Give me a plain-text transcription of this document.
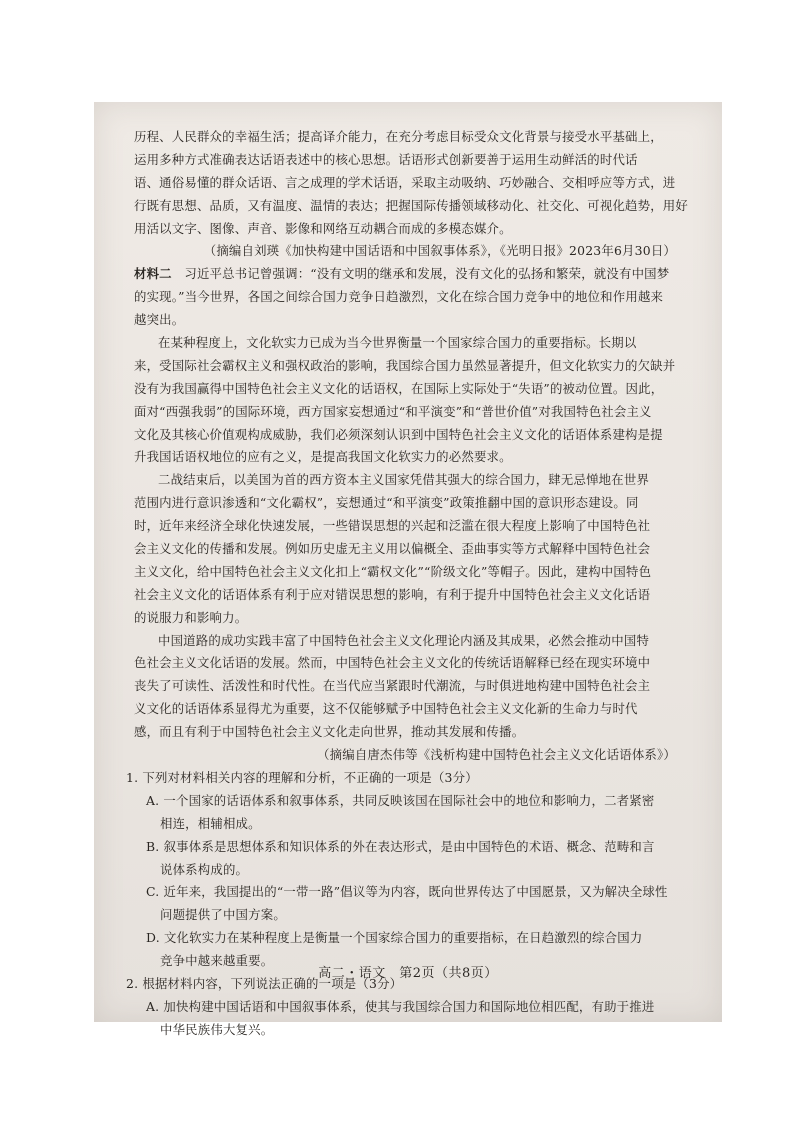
历程、人民群众的幸福生活；提高译介能力，在充分考虑目标受众文化背景与接受水平基础上，
运用多种方式准确表达话语表述中的核心思想。话语形式创新要善于运用生动鲜活的时代话
语、通俗易懂的群众话语、言之成理的学术话语，采取主动吸纳、巧妙融合、交相呼应等方式，进
行既有思想、品质，又有温度、温情的表达；把握国际传播领域移动化、社交化、可视化趋势，用好
用活以文字、图像、声音、影像和网络互动耦合而成的多模态媒介。
（摘编自刘瑛《加快构建中国话语和中国叙事体系》，《光明日报》2023年6月30日）
材料二　 习近平总书记曾强调：“没有文明的继承和发展，没有文化的弘扬和繁荣，就没有中国梦
的实现。”当今世界，各国之间综合国力竞争日趋激烈，文化在综合国力竞争中的地位和作用越来
越突出。
在某种程度上，文化软实力已成为当今世界衡量一个国家综合国力的重要指标。长期以
来，受国际社会霸权主义和强权政治的影响，我国综合国力虽然显著提升，但文化软实力的欠缺并
没有为我国赢得中国特色社会主义文化的话语权，在国际上实际处于“失语”的被动位置。因此，
面对“西强我弱”的国际环境，西方国家妄想通过“和平演变”和“普世价值”对我国特色社会主义
文化及其核心价值观构成威胁，我们必须深刻认识到中国特色社会主义文化的话语体系建构是提
升我国话语权地位的应有之义，是提高我国文化软实力的必然要求。
二战结束后，以美国为首的西方资本主义国家凭借其强大的综合国力，肆无忌惮地在世界
范围内进行意识渗透和“文化霸权”，妄想通过“和平演变”政策推翻中国的意识形态建设。同
时，近年来经济全球化快速发展，一些错误思想的兴起和泛滥在很大程度上影响了中国特色社
会主义文化的传播和发展。例如历史虚无主义用以偏概全、歪曲事实等方式解释中国特色社会
主义文化，给中国特色社会主义文化扣上“霸权文化”“阶级文化”等帽子。因此，建构中国特色
社会主义文化的话语体系有利于应对错误思想的影响，有利于提升中国特色社会主义文化话语
的说服力和影响力。
中国道路的成功实践丰富了中国特色社会主义文化理论内涵及其成果，必然会推动中国特
色社会主义文化话语的发展。然而，中国特色社会主义文化的传统话语解释已经在现实环境中
丧失了可读性、活泼性和时代性。在当代应当紧跟时代潮流，与时俱进地构建中国特色社会主
义文化的话语体系显得尤为重要，这不仅能够赋予中国特色社会主义文化新的生命力与时代
感，而且有利于中国特色社会主义文化走向世界，推动其发展和传播。
（摘编自唐杰伟等《浅析构建中国特色社会主义文化话语体系》）
1. 下列对材料相关内容的理解和分析，不正确的一项是（3分）
A. 一个国家的话语体系和叙事体系，共同反映该国在国际社会中的地位和影响力，二者紧密
相连，相辅相成。
B. 叙事体系是思想体系和知识体系的外在表达形式，是由中国特色的术语、概念、范畴和言
说体系构成的。
C. 近年来，我国提出的“一带一路”倡议等为内容，既向世界传达了中国愿景，又为解决全球性
问题提供了中国方案。
D. 文化软实力在某种程度上是衡量一个国家综合国力的重要指标，在日趋激烈的综合国力
竞争中越来越重要。
2. 根据材料内容，下列说法正确的一项是（3分）
A. 加快构建中国话语和中国叙事体系，使其与我国综合国力和国际地位相匹配，有助于推进
中华民族伟大复兴。
高二・语文　第2页（共8页）
